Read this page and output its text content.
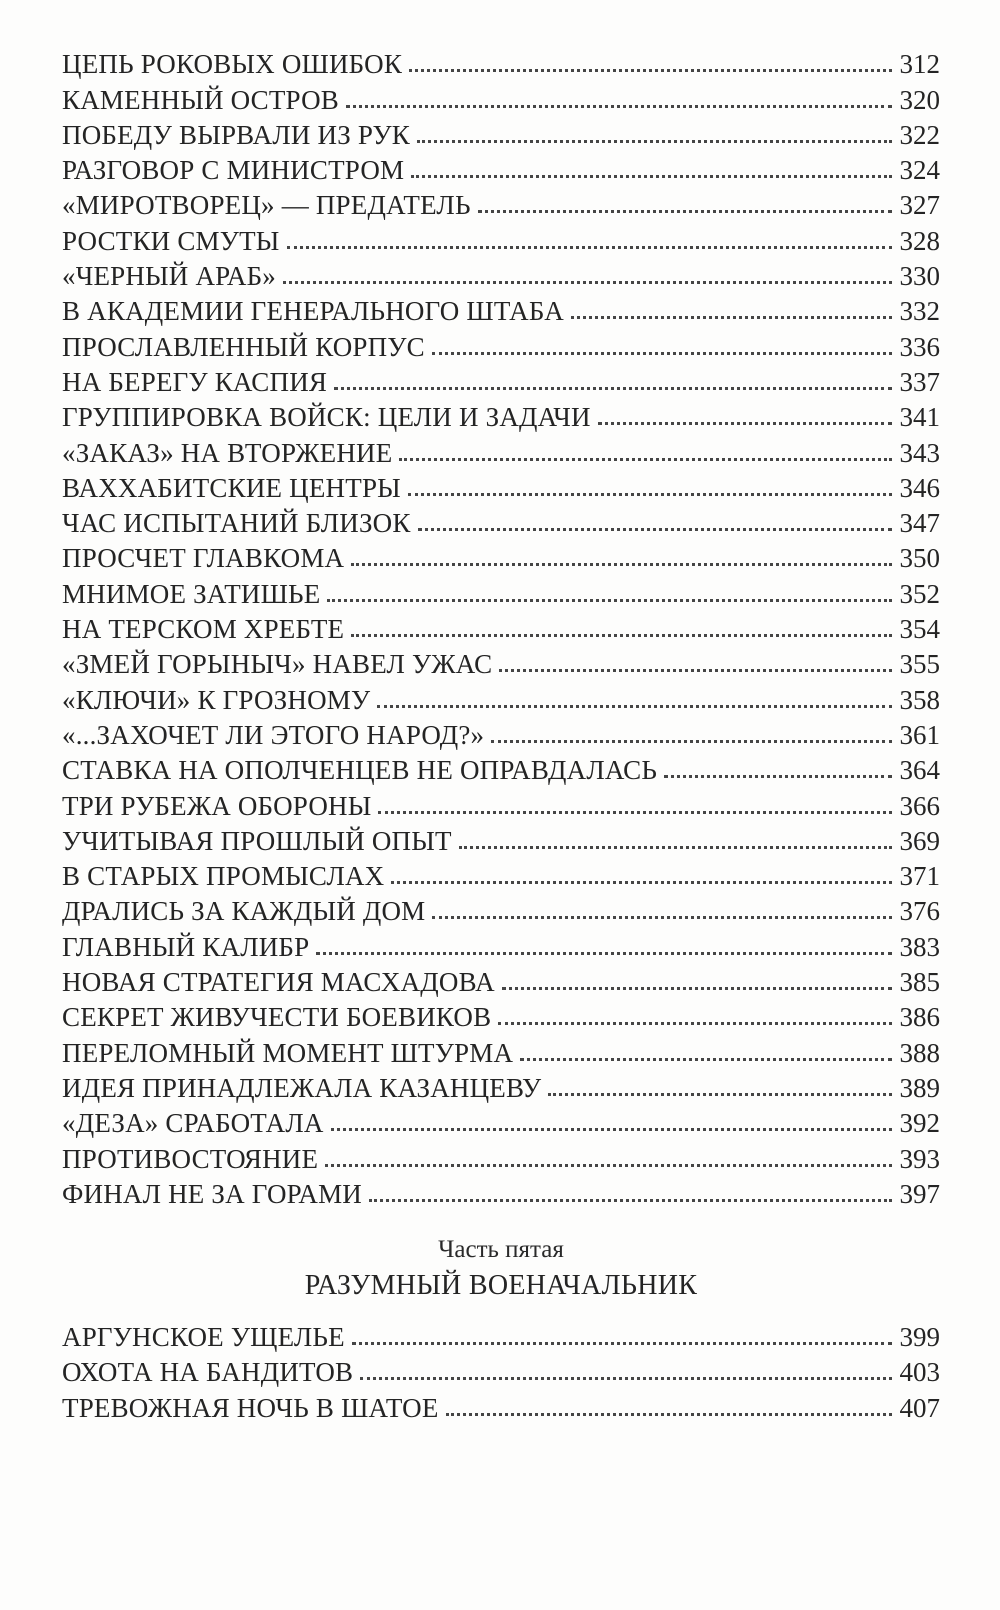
ЦЕПЬ РОКОВЫХ ОШИБОК	312
КАМЕННЫЙ ОСТРОВ	320
ПОБЕДУ ВЫРВАЛИ ИЗ РУК	322
РАЗГОВОР С МИНИСТРОМ	324
«МИРОТВОРЕЦ» — ПРЕДАТЕЛЬ	327
РОСТКИ СМУТЫ	328
«ЧЕРНЫЙ АРАБ»	330
В АКАДЕМИИ ГЕНЕРАЛЬНОГО ШТАБА	332
ПРОСЛАВЛЕННЫЙ КОРПУС	336
НА БЕРЕГУ КАСПИЯ	337
ГРУППИРОВКА ВОЙСК: ЦЕЛИ И ЗАДАЧИ	341
«ЗАКАЗ» НА ВТОРЖЕНИЕ	343
ВАХХАБИТСКИЕ ЦЕНТРЫ	346
ЧАС ИСПЫТАНИЙ БЛИЗОК	347
ПРОСЧЕТ ГЛАВКОМА	350
МНИМОЕ ЗАТИШЬЕ	352
НА ТЕРСКОМ ХРЕБТЕ	354
«ЗМЕЙ ГОРЫНЫЧ» НАВЕЛ УЖАС	355
«КЛЮЧИ» К ГРОЗНОМУ	358
«...ЗАХОЧЕТ ЛИ ЭТОГО НАРОД?»	361
СТАВКА НА ОПОЛЧЕНЦЕВ НЕ ОПРАВДАЛАСЬ	364
ТРИ РУБЕЖА ОБОРОНЫ	366
УЧИТЫВАЯ ПРОШЛЫЙ ОПЫТ	369
В СТАРЫХ ПРОМЫСЛАХ	371
ДРАЛИСЬ ЗА КАЖДЫЙ ДОМ	376
ГЛАВНЫЙ КАЛИБР	383
НОВАЯ СТРАТЕГИЯ МАСХАДОВА	385
СЕКРЕТ ЖИВУЧЕСТИ БОЕВИКОВ	386
ПЕРЕЛОМНЫЙ МОМЕНТ ШТУРМА	388
ИДЕЯ ПРИНАДЛЕЖАЛА КАЗАНЦЕВУ	389
«ДЕЗА» СРАБОТАЛА	392
ПРОТИВОСТОЯНИЕ	393
ФИНАЛ НЕ ЗА ГОРАМИ	397
Часть пятая
РАЗУМНЫЙ ВОЕНАЧАЛЬНИК
АРГУНСКОЕ УЩЕЛЬЕ	399
ОХОТА НА БАНДИТОВ	403
ТРЕВОЖНАЯ НОЧЬ В ШАТОЕ	407
